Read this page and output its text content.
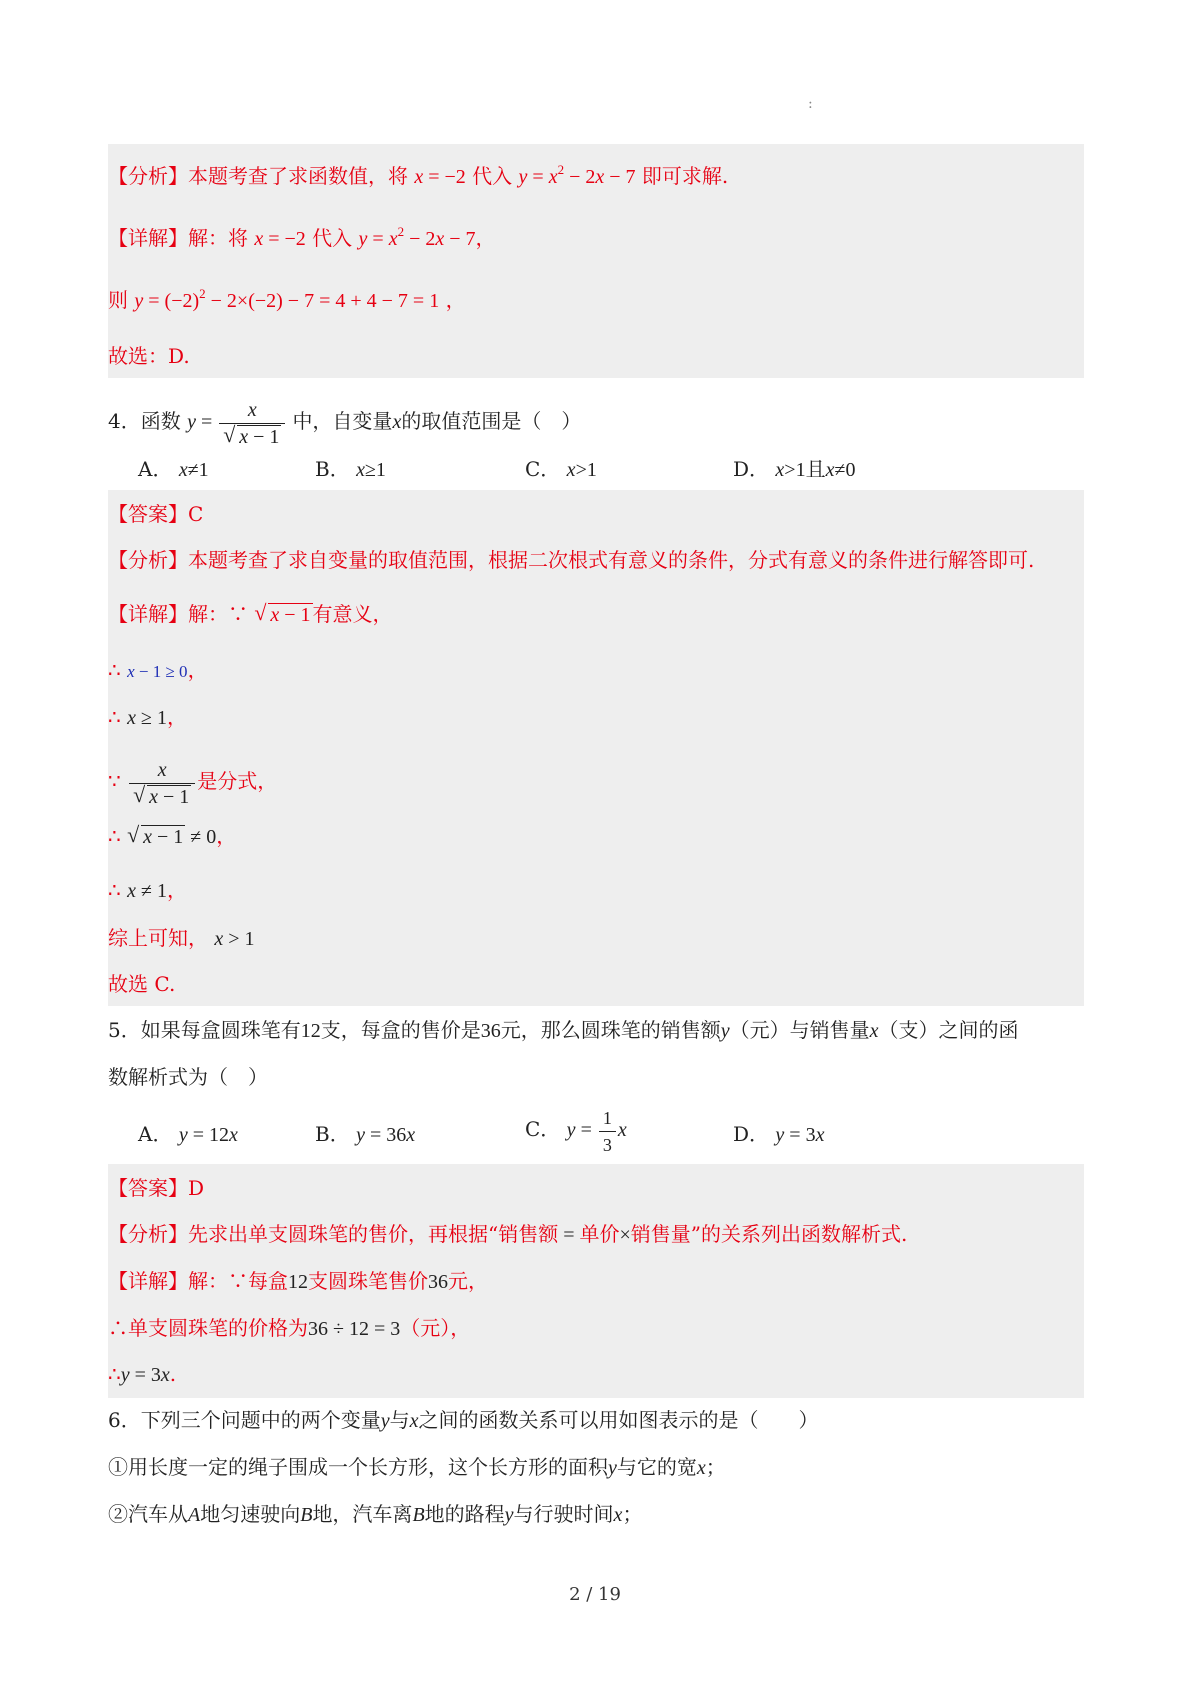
:
【分析】本题考查了求函数值，将 x = −2 代入 $y = x^2 - 2x - 7$ 即可求解.
【详解】解：将 x = −2 代入 $y = x^2 - 2x - 7$，
则 $y = (-2)^2 - 2\times(-2) - 7 = 4 + 4 - 7 = 1$ ，
故选：D.
4．函数 y = x
√ x − 1 中，自变量x的取值范围是（　）
A． x≠1	B． x≥1	C． x>1	D． x>1且x≠0
【答案】C
【分析】本题考查了求自变量的取值范围，根据二次根式有意义的条件，分式有意义的条件进行解答即可.
【详解】解：∵ √ x − 1 有意义，
∴ x − 1 ≥ 0，
∴ x ≥ 1，
∵ x
√ x − 1 是分式，
∴ √ x − 1 ≠ 0，
∴ x ≠ 1，
综上可知， x > 1
故选 C.
5．如果每盒圆珠笔有12支，每盒的售价是36元，那么圆珠笔的销售额y（元）与销售量x（支）之间的函
数解析式为（　）
A． y = 12x	B． y = 36x	C． $y = \frac{1}{3}$ x	D． y = 3x
【答案】D
【分析】先求出单支圆珠笔的售价，再根据“销售额 = 单价×销售量”的关系列出函数解析式.
【详解】解：∵每盒12支圆珠笔售价36元，
∴单支圆珠笔的价格为36 ÷ 12 = 3（元），
∴y = 3x.
6．下列三个问题中的两个变量y与x之间的函数关系可以用如图表示的是（　　）
①用长度一定的绳子围成一个长方形，这个长方形的面积y与它的宽x；
②汽车从A地匀速驶向B地，汽车离B地的路程y与行驶时间x；
2 / 19
